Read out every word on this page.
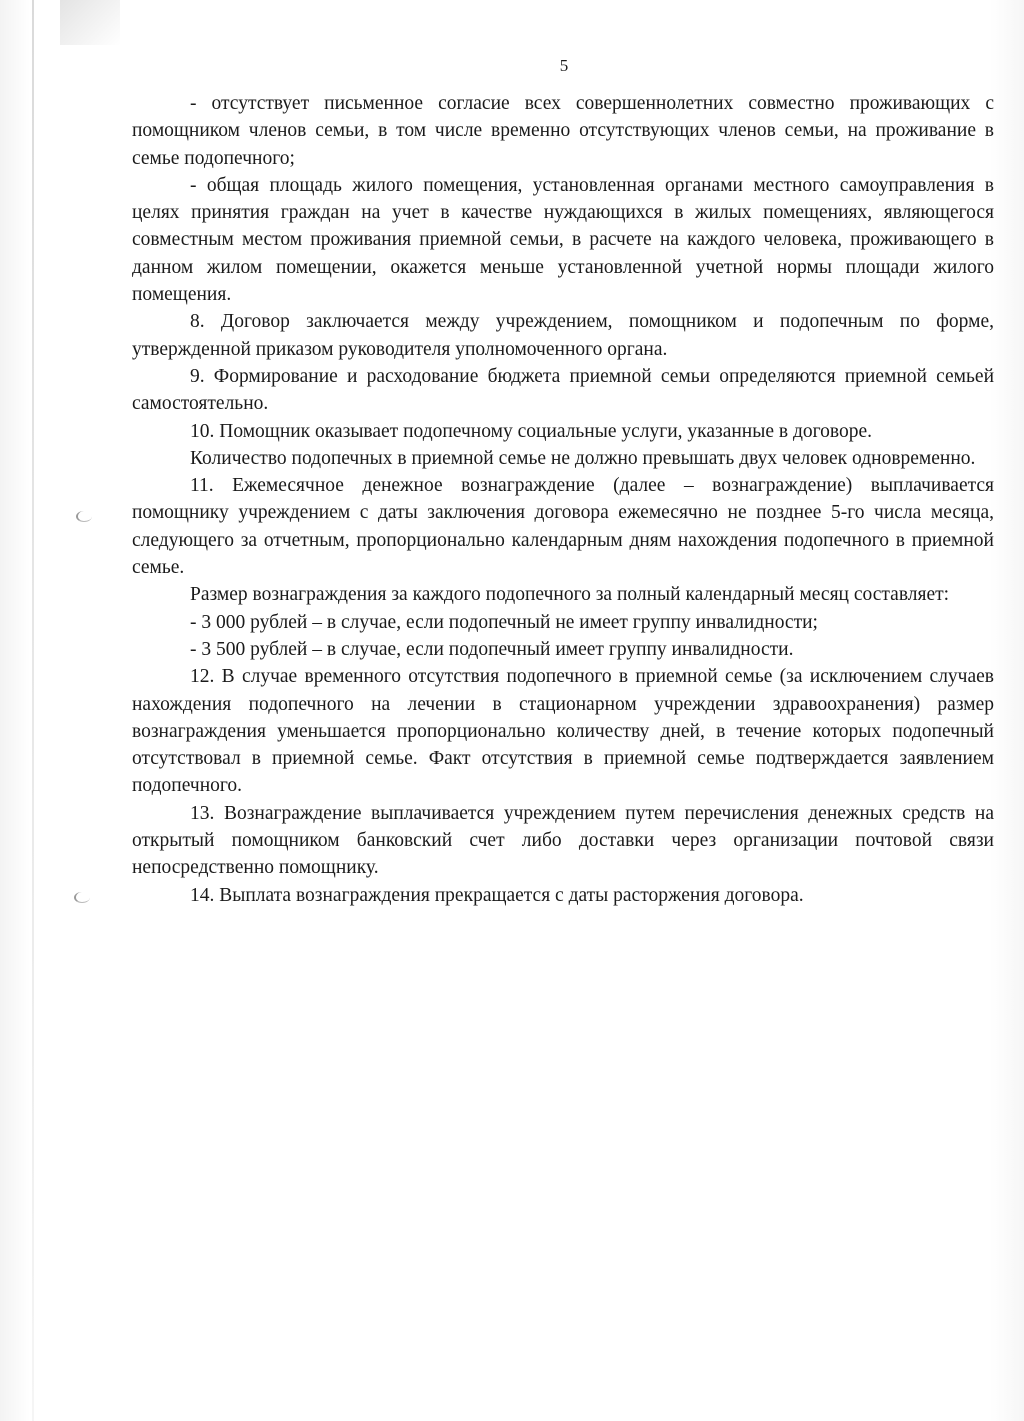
5

- отсутствует письменное согласие всех совершеннолетних совместно проживающих с помощником членов семьи, в том числе временно отсутствующих членов семьи, на проживание в семье подопечного;

- общая площадь жилого помещения, установленная органами местного самоуправления в целях принятия граждан на учет в качестве нуждающихся в жилых помещениях, являющегося совместным местом проживания приемной семьи, в расчете на каждого человека, проживающего в данном жилом помещении, окажется меньше установленной учетной нормы площади жилого помещения.

8. Договор заключается между учреждением, помощником и подопечным по форме, утвержденной приказом руководителя уполномоченного органа.

9. Формирование и расходование бюджета приемной семьи определяются приемной семьей самостоятельно.

10. Помощник оказывает подопечному социальные услуги, указанные в договоре.

Количество подопечных в приемной семье не должно превышать двух человек одновременно.

11. Ежемесячное денежное вознаграждение (далее – вознаграждение) выплачивается помощнику учреждением с даты заключения договора ежемесячно не позднее 5-го числа месяца, следующего за отчетным, пропорционально календарным дням нахождения подопечного в приемной семье.

Размер вознаграждения за каждого подопечного за полный календарный месяц составляет:

- 3 000 рублей – в случае, если подопечный не имеет группу инвалидности;

- 3 500 рублей – в случае, если подопечный имеет группу инвалидности.

12. В случае временного отсутствия подопечного в приемной семье (за исключением случаев нахождения подопечного на лечении в стационарном учреждении здравоохранения) размер вознаграждения уменьшается пропорционально количеству дней, в течение которых подопечный отсутствовал в приемной семье. Факт отсутствия в приемной семье подтверждается заявлением подопечного.

13. Вознаграждение выплачивается учреждением путем перечисления денежных средств на открытый помощником банковский счет либо доставки через организации почтовой связи непосредственно помощнику.

14. Выплата вознаграждения прекращается с даты расторжения договора.
